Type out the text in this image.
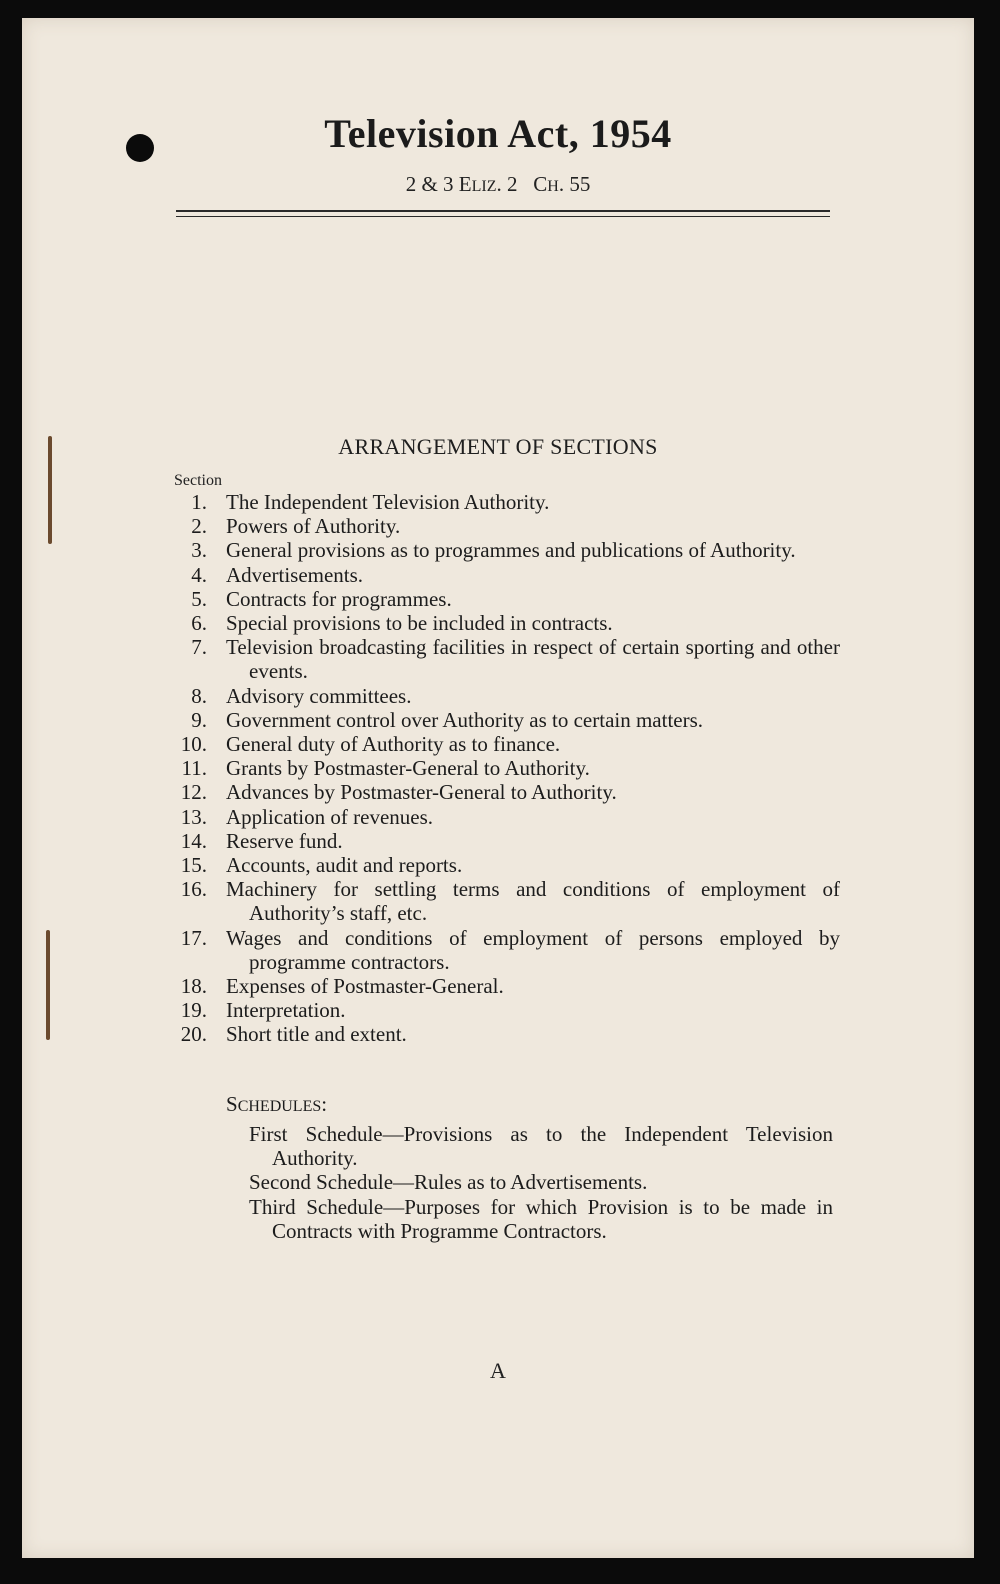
Television Act, 1954
2 & 3 ELIZ. 2   CH. 55
ARRANGEMENT OF SECTIONS
Section
1. The Independent Television Authority.
2. Powers of Authority.
3. General provisions as to programmes and publications of Authority.
4. Advertisements.
5. Contracts for programmes.
6. Special provisions to be included in contracts.
7. Television broadcasting facilities in respect of certain sporting and other events.
8. Advisory committees.
9. Government control over Authority as to certain matters.
10. General duty of Authority as to finance.
11. Grants by Postmaster-General to Authority.
12. Advances by Postmaster-General to Authority.
13. Application of revenues.
14. Reserve fund.
15. Accounts, audit and reports.
16. Machinery for settling terms and conditions of employment of Authority’s staff, etc.
17. Wages and conditions of employment of persons employed by programme contractors.
18. Expenses of Postmaster-General.
19. Interpretation.
20. Short title and extent.
SCHEDULES:
First Schedule—Provisions as to the Independent Television Authority.
Second Schedule—Rules as to Advertisements.
Third Schedule—Purposes for which Provision is to be made in Contracts with Programme Contractors.
A
